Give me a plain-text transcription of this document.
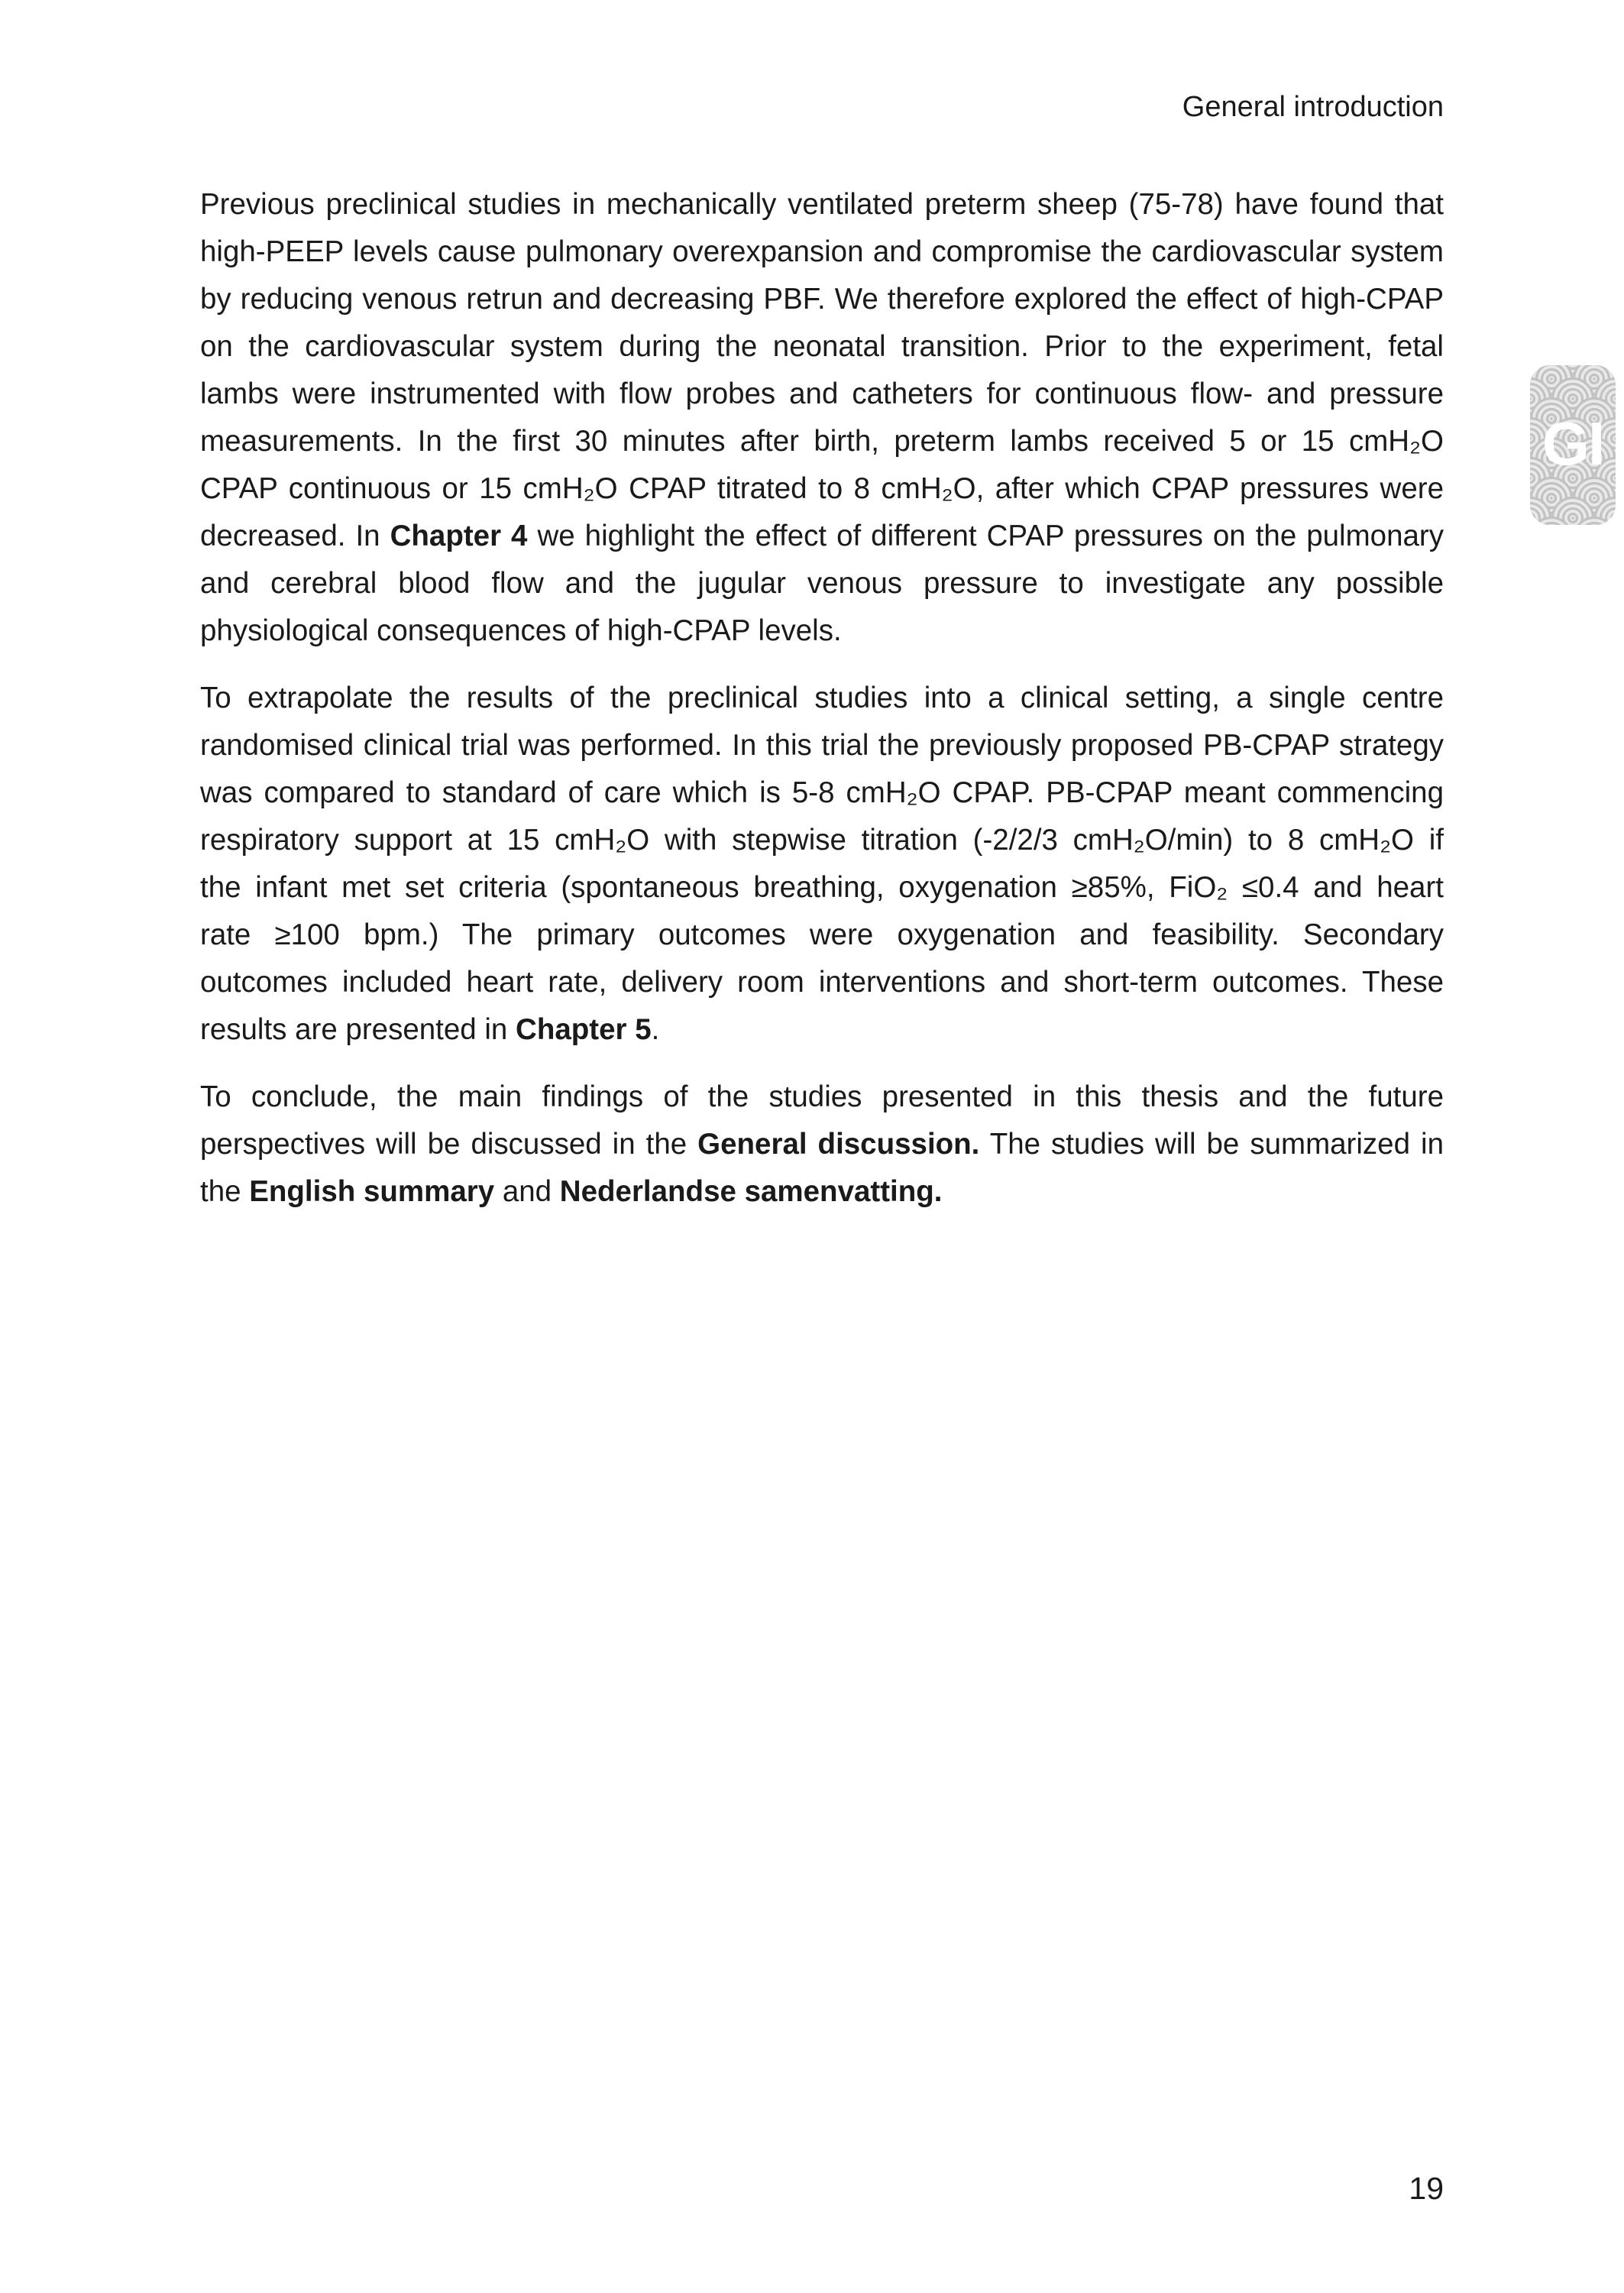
General introduction

Previous preclinical studies in mechanically ventilated preterm sheep (75-78) have found that
high-PEEP levels cause pulmonary overexpansion and compromise the cardiovascular system
by reducing venous retrun and decreasing PBF. We therefore explored the effect of high-CPAP
on the cardiovascular system during the neonatal transition. Prior to the experiment, fetal
lambs were instrumented with flow probes and catheters for continuous flow- and pressure
measurements. In the first 30 minutes after birth, preterm lambs received 5 or 15 cmH₂O
CPAP continuous or 15 cmH₂O CPAP titrated to 8 cmH₂O, after which CPAP pressures were
decreased. In Chapter 4 we highlight the effect of different CPAP pressures on the pulmonary
and cerebral blood flow and the jugular venous pressure to investigate any possible
physiological consequences of high-CPAP levels.

To extrapolate the results of the preclinical studies into a clinical setting, a single centre
randomised clinical trial was performed. In this trial the previously proposed PB-CPAP strategy
was compared to standard of care which is 5-8 cmH₂O CPAP. PB-CPAP meant commencing
respiratory support at 15 cmH₂O with stepwise titration (-2/2/3 cmH₂O/min) to 8 cmH₂O if
the infant met set criteria (spontaneous breathing, oxygenation ≥85%, FiO₂ ≤0.4 and heart
rate ≥100 bpm.) The primary outcomes were oxygenation and feasibility. Secondary
outcomes included heart rate, delivery room interventions and short-term outcomes. These
results are presented in Chapter 5.

To conclude, the main findings of the studies presented in this thesis and the future
perspectives will be discussed in the General discussion. The studies will be summarized in
the English summary and Nederlandse samenvatting.

GI
19
